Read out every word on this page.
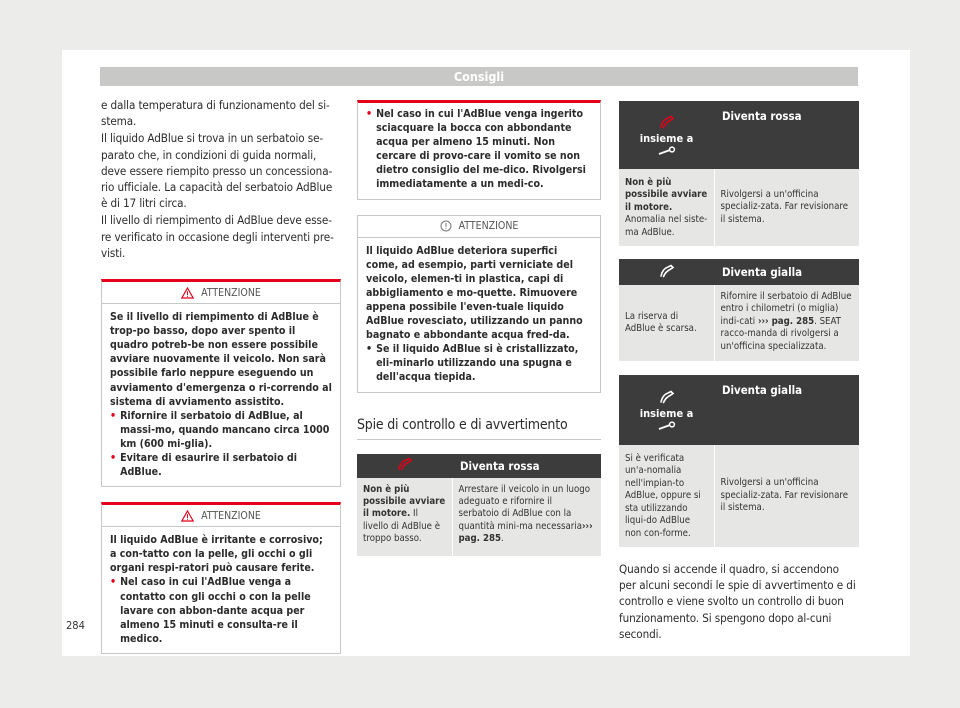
Consigli

e dalla temperatura di funzionamento del si-stema.

Il liquido AdBlue si trova in un serbatoio se-parato che, in condizioni di guida normali, deve essere riempito presso un concessiona-rio ufficiale. La capacità del serbatoio AdBlue è di 17 litri circa.

Il livello di riempimento di AdBlue deve esse-re verificato in occasione degli interventi pre-visti.

ATTENZIONE
Se il livello di riempimento di AdBlue è trop-po basso, dopo aver spento il quadro potreb-be non essere possibile avviare nuovamente il veicolo. Non sarà possibile farlo neppure eseguendo un avviamento d'emergenza o ri-correndo al sistema di avviamento assistito.
• Rifornire il serbatoio di AdBlue, al massi-mo, quando mancano circa 1000 km (600 mi-glia).
• Evitare di esaurire il serbatoio di AdBlue.
ATTENZIONE
Il liquido AdBlue è irritante e corrosivo; a con-tatto con la pelle, gli occhi o gli organi respi-ratori può causare ferite.
• Nel caso in cui l'AdBlue venga a contatto con gli occhi o con la pelle lavare con abbon-dante acqua per almeno 15 minuti e consulta-re il medico.
• Nel caso in cui l'AdBlue venga ingerito sciacquare la bocca con abbondante acqua per almeno 15 minuti. Non cercare di provo-care il vomito se non dietro consiglio del me-dico. Rivolgersi immediatamente a un medi-co.
ATTENZIONE
Il liquido AdBlue deteriora superfici come, ad esempio, parti verniciate del veicolo, elemen-ti in plastica, capi di abbigliamento e mo-quette. Rimuovere appena possibile l'even-tuale liquido AdBlue rovesciato, utilizzando un panno bagnato e abbondante acqua fred-da.
• Se il liquido AdBlue si è cristallizzato, eli-minarlo utilizzando una spugna e dell'acqua tiepida.
Spie di controllo e di avvertimento
	Diventa rossa
Non è più possibile avviare il motore. Il livello di AdBlue è troppo basso.	Arrestare il veicolo in un luogo adeguato e rifornire il serbatoio di AdBlue con la quantità mini-ma necessaria››› pag. 285.
insieme a	Diventa rossa
Non è più possibile avviare il motore. Anomalia nel siste-ma AdBlue.	Rivolgersi a un'officina specializ-zata. Far revisionare il sistema.
	Diventa gialla
La riserva di AdBlue è scarsa.	Rifornire il serbatoio di AdBlue entro i chilometri (o miglia) indi-cati ››› pag. 285. SEAT racco-manda di rivolgersi a un'officina specializzata.
insieme a	Diventa gialla
Si è verificata un'a-nomalia nell'impian-to AdBlue, oppure si sta utilizzando liqui-do AdBlue non con-forme.	Rivolgersi a un'officina specializ-zata. Far revisionare il sistema.

Quando si accende il quadro, si accendono per alcuni secondi le spie di avvertimento e di controllo e viene svolto un controllo di buon funzionamento. Si spengono dopo al-cuni secondi.

284
